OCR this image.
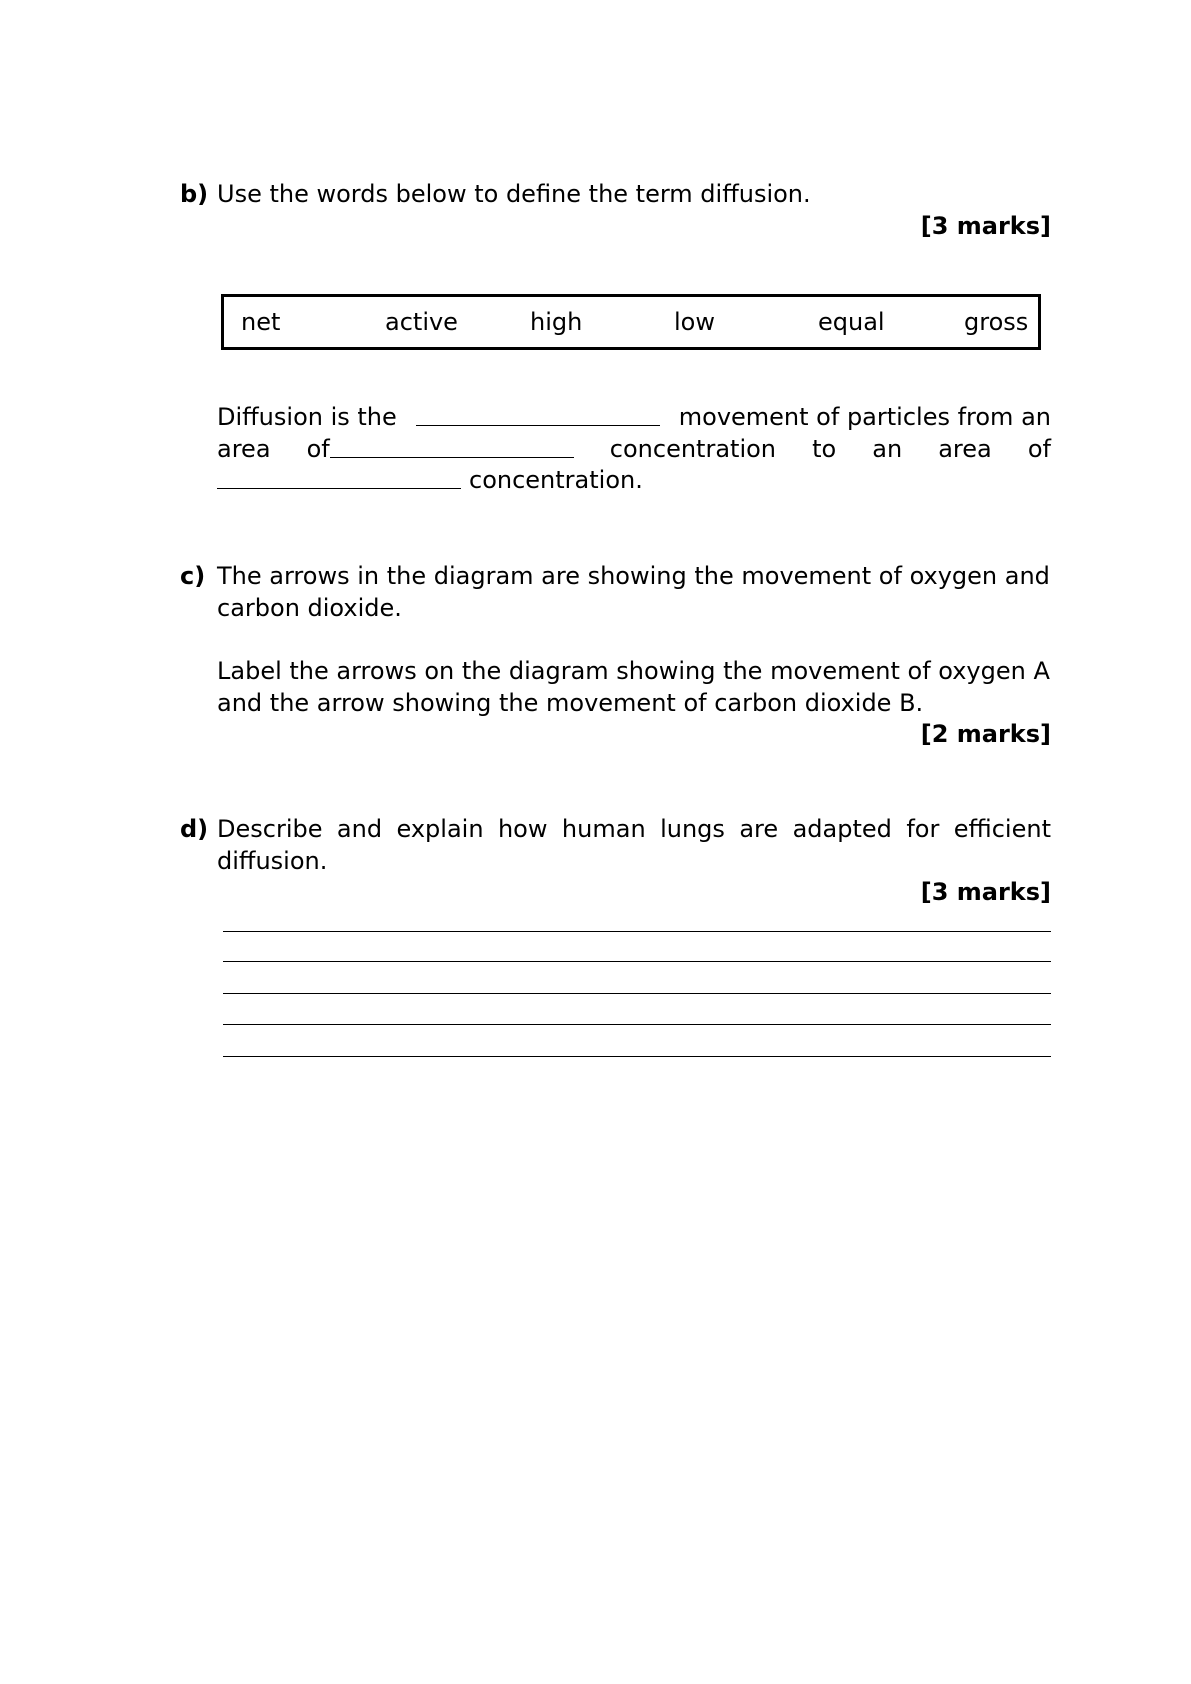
b) Use the words below to define the term diffusion.
[3 marks]
net	active	high	low	equal	gross
Diffusion is the	movement of particles from an
area of	concentration to an area of
concentration.
c) The arrows in the diagram are showing the movement of oxygen and
carbon dioxide.
Label the arrows on the diagram showing the movement of oxygen A
and the arrow showing the movement of carbon dioxide B.
[2 marks]
d) Describe and explain how human lungs are adapted for efficient
diffusion.
[3 marks]
